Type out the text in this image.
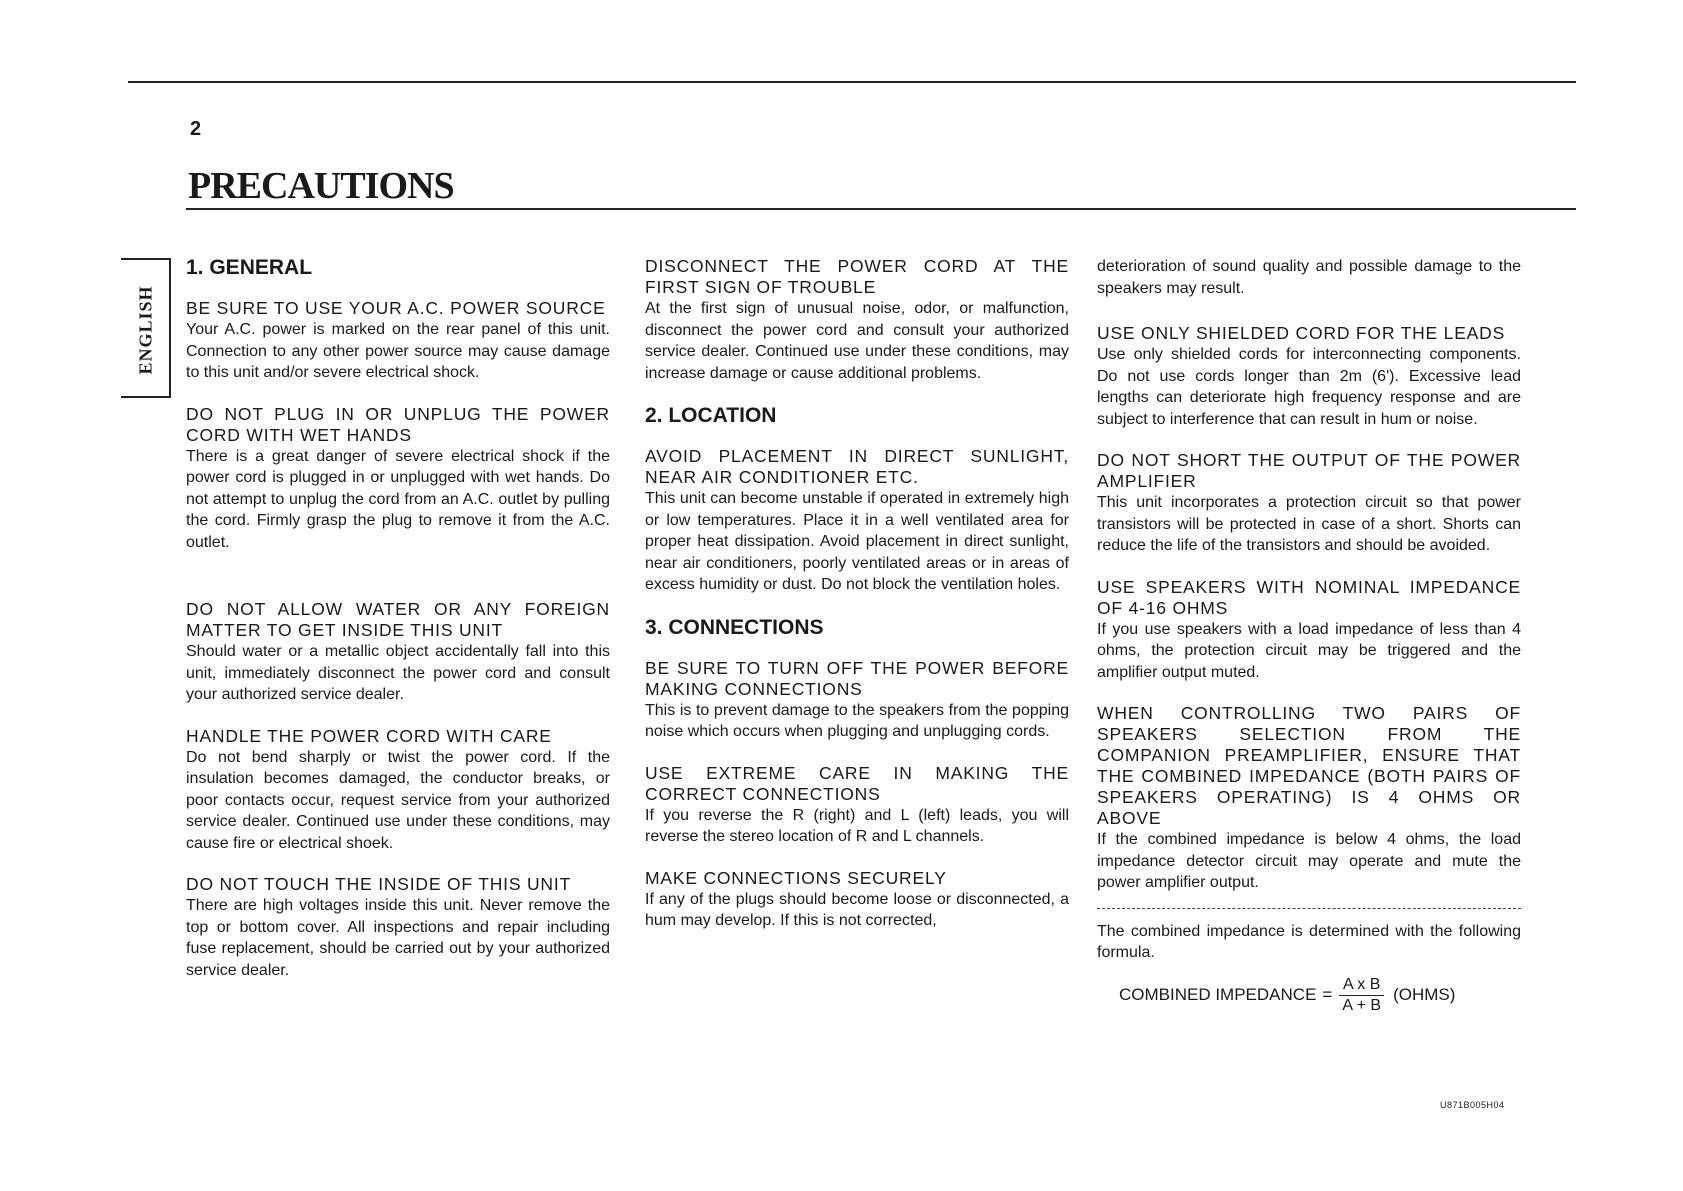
2
PRECAUTIONS
ENGLISH
1. GENERAL
BE SURE TO USE YOUR A.C. POWER SOURCE
Your A.C. power is marked on the rear panel of this unit. Connection to any other power source may cause damage to this unit and/or severe electrical shock.
DO NOT PLUG IN OR UNPLUG THE POWER CORD WITH WET HANDS
There is a great danger of severe electrical shock if the power cord is plugged in or unplugged with wet hands. Do not attempt to unplug the cord from an A.C. outlet by pulling the cord. Firmly grasp the plug to remove it from the A.C. outlet.
DO NOT ALLOW WATER OR ANY FOREIGN MATTER TO GET INSIDE THIS UNIT
Should water or a metallic object accidentally fall into this unit, immediately disconnect the power cord and consult your authorized service dealer.
HANDLE THE POWER CORD WITH CARE
Do not bend sharply or twist the power cord. If the insulation becomes damaged, the conductor breaks, or poor contacts occur, request service from your authorized service dealer. Continued use under these conditions, may cause fire or electrical shoek.
DO NOT TOUCH THE INSIDE OF THIS UNIT
There are high voltages inside this unit. Never remove the top or bottom cover. All inspections and repair including fuse replacement, should be carried out by your authorized service dealer.
DISCONNECT THE POWER CORD AT THE FIRST SIGN OF TROUBLE
At the first sign of unusual noise, odor, or malfunction, disconnect the power cord and consult your authorized service dealer. Continued use under these conditions, may increase damage or cause additional problems.
2. LOCATION
AVOID PLACEMENT IN DIRECT SUNLIGHT, NEAR AIR CONDITIONER ETC.
This unit can become unstable if operated in extremely high or low temperatures. Place it in a well ventilated area for proper heat dissipation. Avoid placement in direct sunlight, near air conditioners, poorly ventilated areas or in areas of excess humidity or dust. Do not block the ventilation holes.
3. CONNECTIONS
BE SURE TO TURN OFF THE POWER BEFORE MAKING CONNECTIONS
This is to prevent damage to the speakers from the popping noise which occurs when plugging and unplugging cords.
USE EXTREME CARE IN MAKING THE CORRECT CONNECTIONS
If you reverse the R (right) and L (left) leads, you will reverse the stereo location of R and L channels.
MAKE CONNECTIONS SECURELY
If any of the plugs should become loose or disconnected, a hum may develop. If this is not corrected,
deterioration of sound quality and possible damage to the speakers may result.
USE ONLY SHIELDED CORD FOR THE LEADS
Use only shielded cords for interconnecting components. Do not use cords longer than 2m (6'). Excessive lead lengths can deteriorate high frequency response and are subject to interference that can result in hum or noise.
DO NOT SHORT THE OUTPUT OF THE POWER AMPLIFIER
This unit incorporates a protection circuit so that power transistors will be protected in case of a short. Shorts can reduce the life of the transistors and should be avoided.
USE SPEAKERS WITH NOMINAL IMPEDANCE OF 4-16 OHMS
If you use speakers with a load impedance of less than 4 ohms, the protection circuit may be triggered and the amplifier output muted.
WHEN CONTROLLING TWO PAIRS OF SPEAKERS SELECTION FROM THE COMPANION PREAMPLIFIER, ENSURE THAT THE COMBINED IMPEDANCE (BOTH PAIRS OF SPEAKERS OPERATING) IS 4 OHMS OR ABOVE
If the combined impedance is below 4 ohms, the load impedance detector circuit may operate and mute the power amplifier output.
The combined impedance is determined with the following formula.
COMBINED IMPEDANCE = $\frac{\text{A x B}}{A + B}$ (OHMS)
U871B005H04
